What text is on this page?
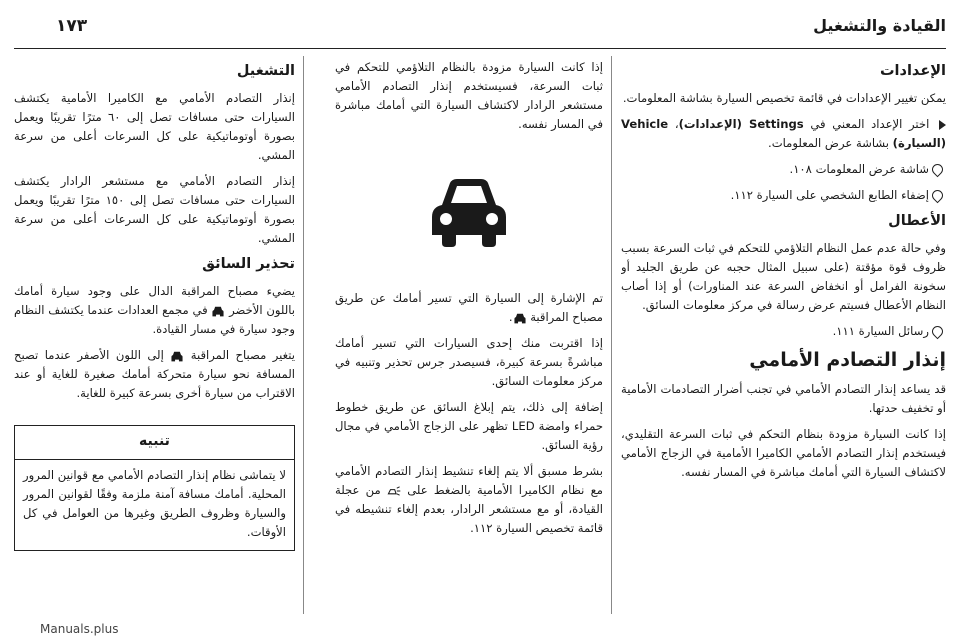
القيادة والتشغيل
١٧٣
الإعدادات

يمكن تغيير الإعدادات في قائمة تخصيص السيارة بشاشة المعلومات.

اختر الإعداد المعني في Settings (الإعدادات)، Vehicle (السيارة) بشاشة عرض المعلومات.

شاشة عرض المعلومات ١٠٨.

إضفاء الطابع الشخصي على السيارة ١١٢.

الأعطال

وفي حالة عدم عمل النظام التلاؤمي للتحكم في ثبات السرعة بسبب ظروف قوة مؤقتة (على سبيل المثال حجبه عن طريق الجليد أو سخونة الفرامل أو انخفاض السرعة عند المناورات) أو إذا أصاب النظام الأعطال فسيتم عرض رسالة في مركز معلومات السائق.

رسائل السيارة ١١١.

إنذار التصادم الأمامي

قد يساعد إنذار التصادم الأمامي في تجنب أضرار التصادمات الأمامية أو تخفيف حدتها.

إذا كانت السيارة مزودة بنظام التحكم في ثبات السرعة التقليدي، فيستخدم إنذار التصادم الأمامي الكاميرا الأمامية في الزجاج الأمامي لاكتشاف السيارة التي أمامك مباشرة في المسار نفسه.

إذا كانت السيارة مزودة بالنظام التلاؤمي للتحكم في ثبات السرعة، فسيستخدم إنذار التصادم الأمامي مستشعر الرادار لاكتشاف السيارة التي أمامك مباشرة في المسار نفسه.

تم الإشارة إلى السيارة التي تسير أمامك عن طريق مصباح المراقبة .

إذا اقتربت منك إحدى السيارات التي تسير أمامك مباشرةً بسرعة كبيرة، فسيصدر جرس تحذير وتنبيه في مركز معلومات السائق.

إضافة إلى ذلك، يتم إبلاغ السائق عن طريق خطوط حمراء وامضة LED تظهر على الزجاج الأمامي في مجال رؤية السائق.

بشرط مسبق ألا يتم إلغاء تنشيط إنذار التصادم الأمامي مع نظام الكاميرا الأمامية بالضغط على  من عجلة القيادة، أو مع مستشعر الرادار، بعدم إلغاء تنشيطه في قائمة تخصيص السيارة ١١٢.

التشغيل

إنذار التصادم الأمامي مع الكاميرا الأمامية يكتشف السيارات حتى مسافات تصل إلى ٦٠ مترًا تقريبًا ويعمل بصورة أوتوماتيكية على كل السرعات أعلى من سرعة المشي.

إنذار التصادم الأمامي مع مستشعر الرادار يكتشف السيارات حتى مسافات تصل إلى ١٥٠ مترًا تقريبًا ويعمل بصورة أوتوماتيكية على كل السرعات أعلى من سرعة المشي.

تحذير السائق

يضيء مصباح المراقبة الدال على وجود سيارة أمامك باللون الأخضر  في مجمع العدادات عندما يكتشف النظام وجود سيارة في مسار القيادة.

يتغير مصباح المراقبة  إلى اللون الأصفر عندما تصبح المسافة نحو سيارة متحركة أمامك صغيرة للغاية أو عند الاقتراب من سيارة أخرى بسرعة كبيرة للغاية.

تنبيه

لا يتماشى نظام إنذار التصادم الأمامي مع قوانين المرور المحلية. أمامك مسافة آمنة ملزمة وفقًا لقوانين المرور والسيارة وظروف الطريق وغيرها من العوامل في كل الأوقات.

Manuals.plus
